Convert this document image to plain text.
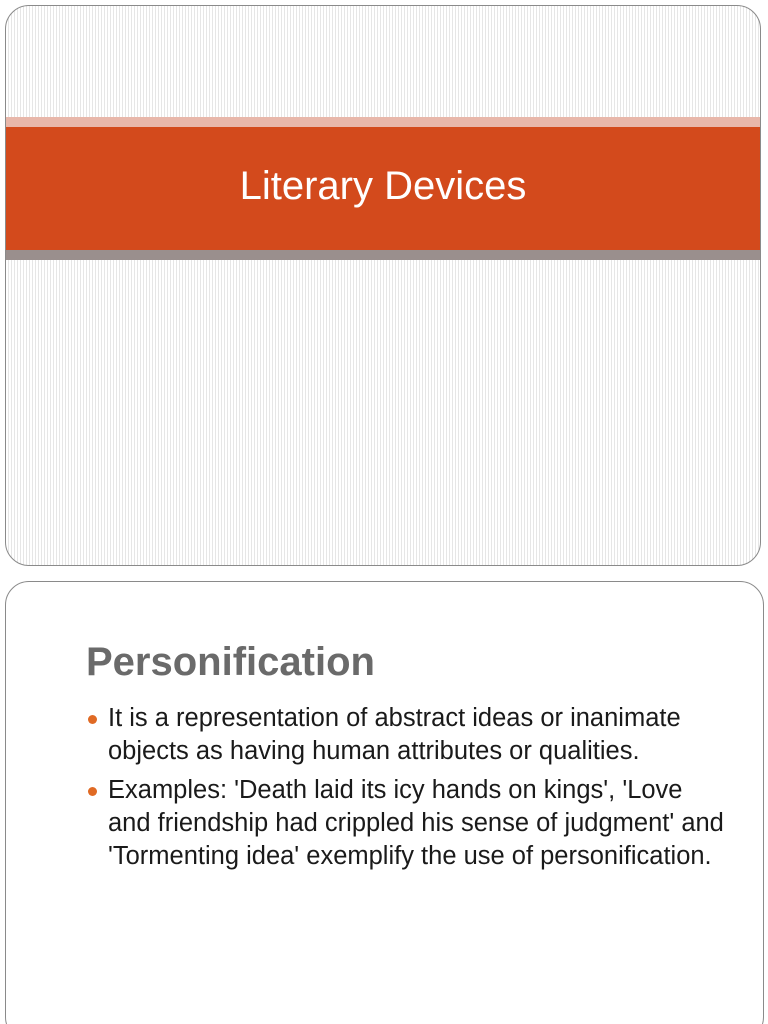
Literary Devices
Personification
It is a representation of abstract ideas or inanimate objects as having human attributes or qualities.
Examples: 'Death laid its icy hands on kings', 'Love and friendship had crippled his sense of judgment' and 'Tormenting idea' exemplify the use of personification.
